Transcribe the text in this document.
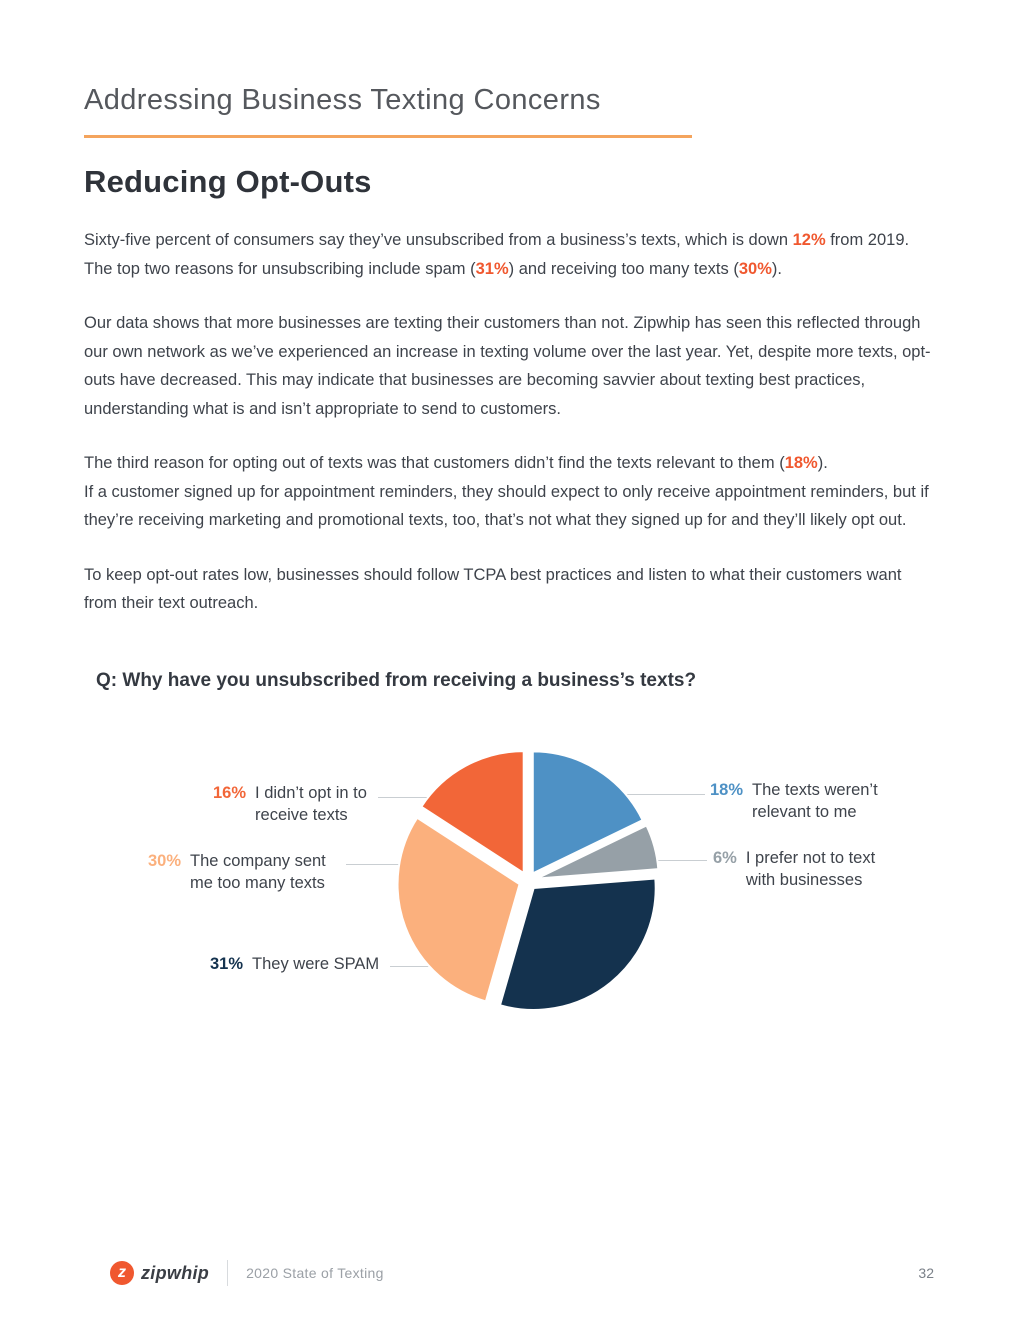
Addressing Business Texting Concerns
Reducing Opt-Outs

Sixty-five percent of consumers say they’ve unsubscribed from a business’s texts, which is down 12% from 2019. The top two reasons for unsubscribing include spam (31%) and receiving too many texts (30%).

Our data shows that more businesses are texting their customers than not. Zipwhip has seen this reflected through our own network as we’ve experienced an increase in texting volume over the last year. Yet, despite more texts, opt-outs have decreased. This may indicate that businesses are becoming savvier about texting best practices, understanding what is and isn’t appropriate to send to customers.

The third reason for opting out of texts was that customers didn’t find the texts relevant to them (18%).
If a customer signed up for appointment reminders, they should expect to only receive appointment reminders, but if they’re receiving marketing and promotional texts, too, that’s not what they signed up for and they’ll likely opt out.

To keep opt-out rates low, businesses should follow TCPA best practices and listen to what their customers want from their text outreach.

Q: Why have you unsubscribed from receiving a business’s texts?
16% I didn’t opt in to receive texts
30% The company sent me too many texts
31% They were SPAM
18% The texts weren’t relevant to me
6% I prefer not to text with businesses
z zipwhip	2020 State of Texting	32
